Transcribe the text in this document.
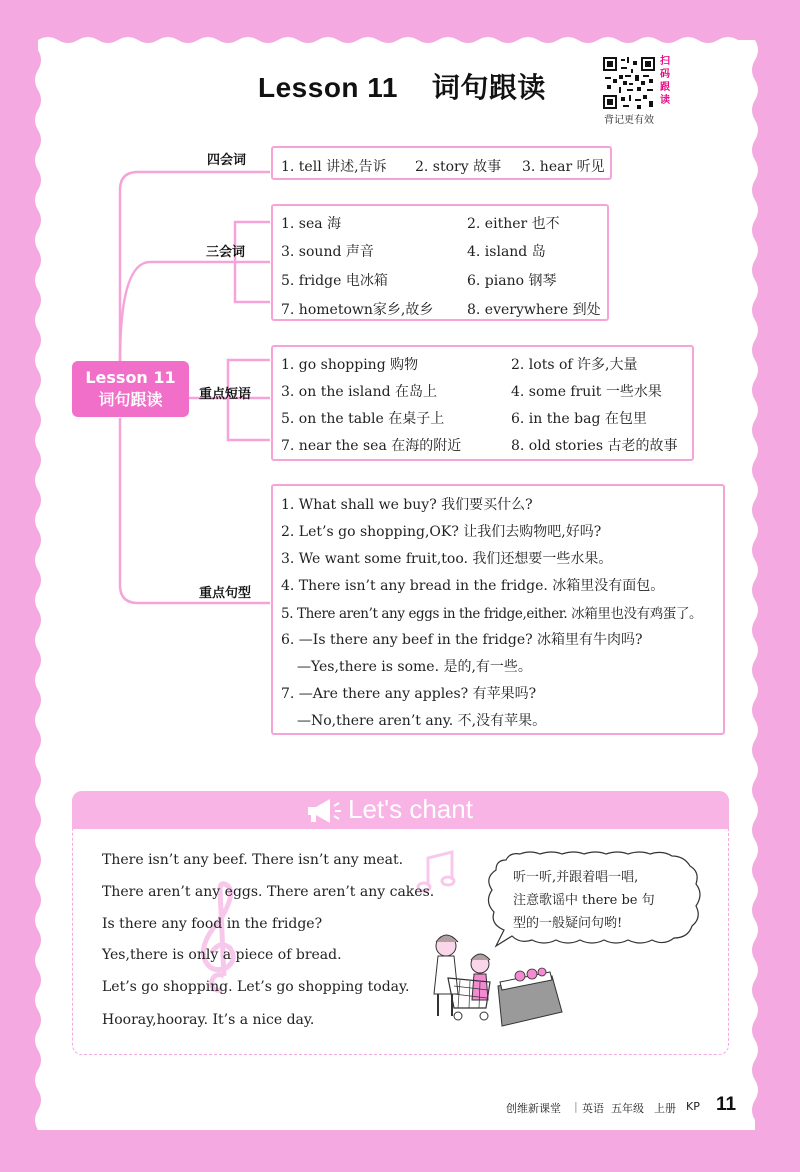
Lesson 11 词句跟读
扫
码
跟
读
背记更有效
Lesson 11
词句跟读
四会词
三会词
重点短语
重点句型
1. tell 讲述,告诉 2. story 故事 3. hear 听见
1. sea 海	2. either 也不
3. sound 声音	4. island 岛
5. fridge 电冰箱	6. piano 钢琴
7. hometown家乡,故乡 8. everywhere 到处
1. go shopping 购物	2. lots of 许多,大量
3. on the island 在岛上	4. some fruit 一些水果
5. on the table 在桌子上	6. in the bag 在包里
7. near the sea 在海的附近	8. old stories 古老的故事
1. What shall we buy? 我们要买什么?
2. Let’s go shopping,OK? 让我们去购物吧,好吗?
3. We want some fruit,too. 我们还想要一些水果。
4. There isn’t any bread in the fridge. 冰箱里没有面包。
5. There aren’t any eggs in the fridge,either. 冰箱里也没有鸡蛋了。
6. —Is there any beef in the fridge? 冰箱里有牛肉吗?
—Yes,there is some. 是的,有一些。
7. —Are there any apples? 有苹果吗?
—No,there aren’t any. 不,没有苹果。
Let's chant
There isn’t any beef. There isn’t any meat.
There aren’t any eggs. There aren’t any cakes.
Is there any food in the fridge?
Yes,there is only a piece of bread.
Let’s go shopping. Let’s go shopping today.
Hooray,hooray. It’s a nice day.
听一听,并跟着唱一唱,
注意歌谣中 there be 句
型的一般疑问句哟!
创维新课堂 | 英语 五年级 上册 KP 11
